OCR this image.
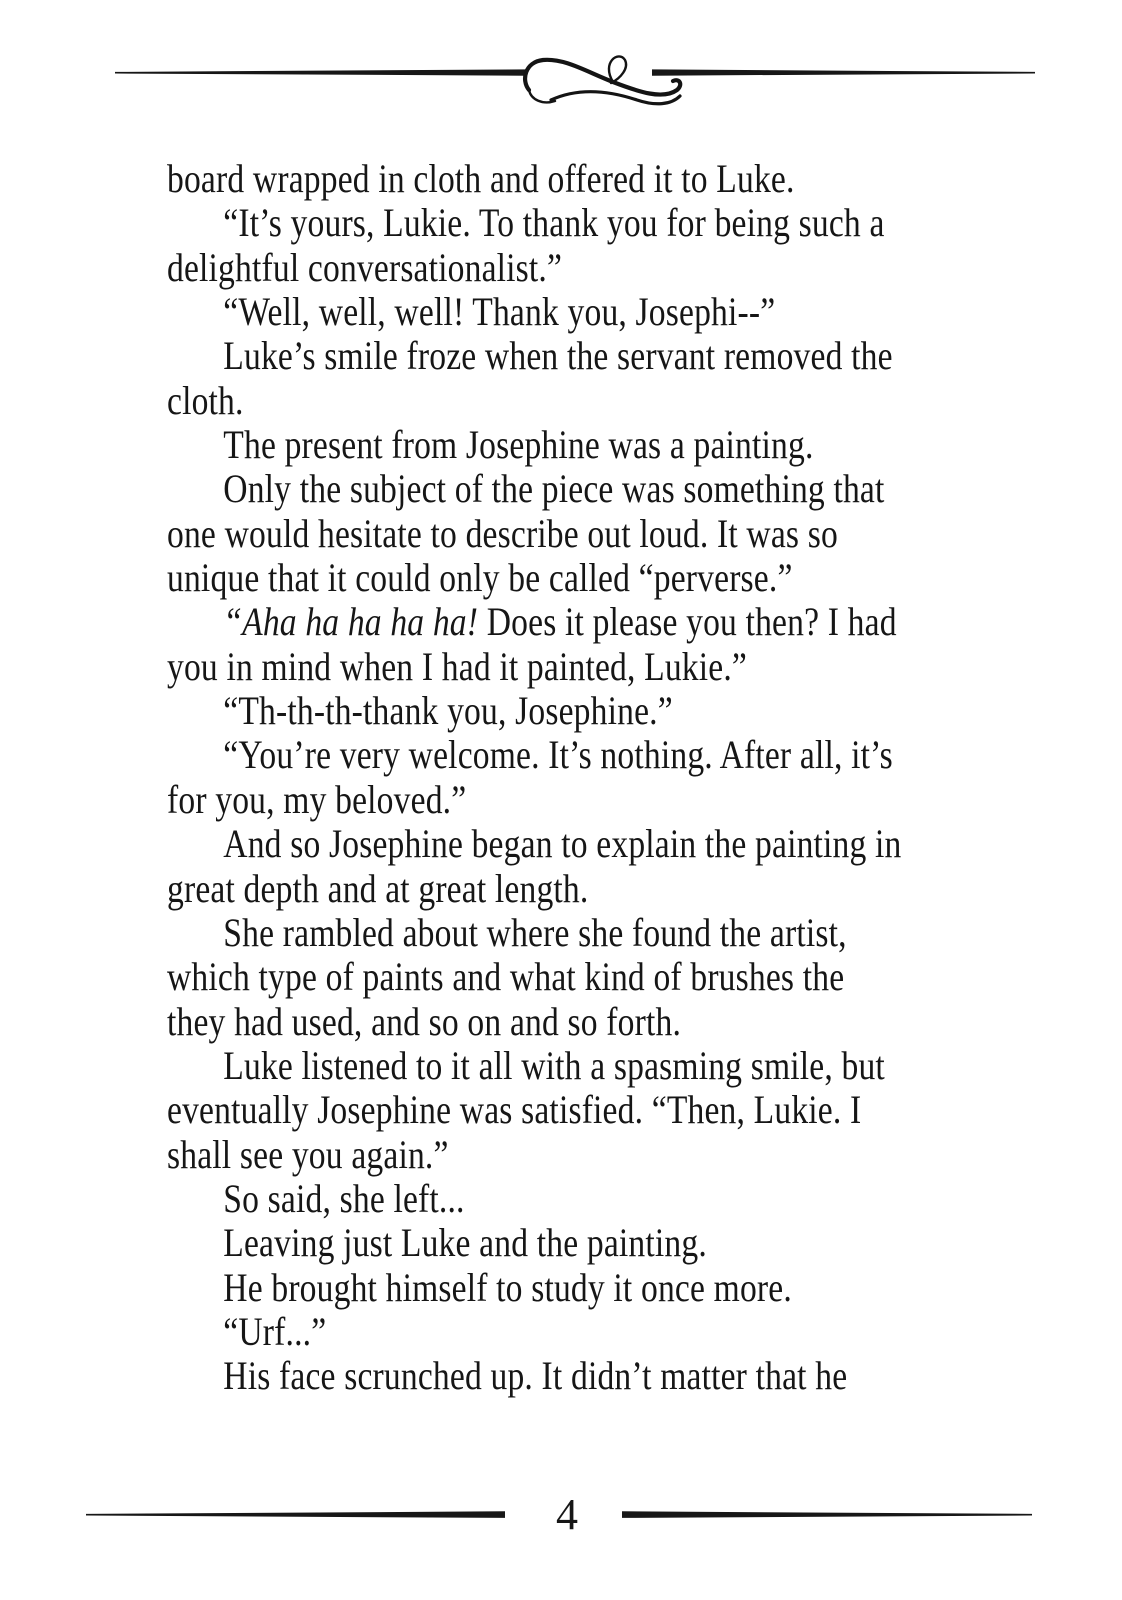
board wrapped in cloth and offered it to Luke.
“It’s yours, Lukie. To thank you for being such a
delightful conversationalist.”
“Well, well, well! Thank you, Josephi--”
Luke’s smile froze when the servant removed the
cloth.
The present from Josephine was a painting.
Only the subject of the piece was something that
one would hesitate to describe out loud. It was so
unique that it could only be called “perverse.”
“Aha ha ha ha ha! Does it please you then? I had
you in mind when I had it painted, Lukie.”
“Th-th-th-thank you, Josephine.”
“You’re very welcome. It’s nothing. After all, it’s
for you, my beloved.”
And so Josephine began to explain the painting in
great depth and at great length.
She rambled about where she found the artist,
which type of paints and what kind of brushes the
they had used, and so on and so forth.
Luke listened to it all with a spasming smile, but
eventually Josephine was satisfied. “Then, Lukie. I
shall see you again.”
So said, she left...
Leaving just Luke and the painting.
He brought himself to study it once more.
“Urf...”
His face scrunched up. It didn’t matter that he
4
